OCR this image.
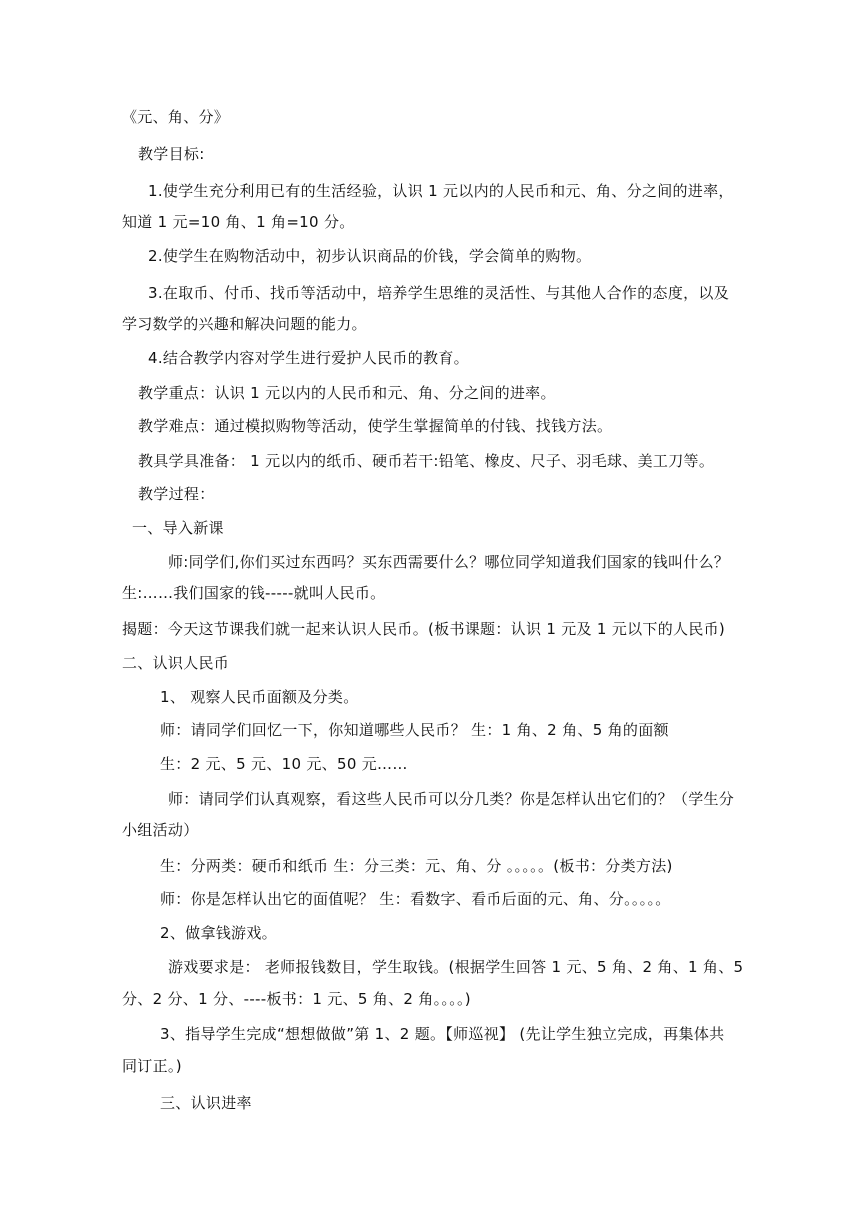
《元、角、分》
教学目标:
1.使学生充分利用已有的生活经验，认识 1 元以内的人民币和元、角、分之间的进率，
知道 1 元=10 角、1 角=10 分。
2.使学生在购物活动中，初步认识商品的价钱，学会简单的购物。
3.在取币、付币、找币等活动中，培养学生思维的灵活性、与其他人合作的态度，以及
学习数学的兴趣和解决问题的能力。
4.结合教学内容对学生进行爱护人民币的教育。
教学重点：认识 1 元以内的人民币和元、角、分之间的进率。
教学难点：通过模拟购物等活动，使学生掌握简单的付钱、找钱方法。
教具学具准备： 1 元以内的纸币、硬币若干:铅笔、橡皮、尺子、羽毛球、美工刀等。
教学过程：
一、导入新课
师:同学们,你们买过东西吗？买东西需要什么？哪位同学知道我们国家的钱叫什么？
生:……我们国家的钱-----就叫人民币。
揭题：今天这节课我们就一起来认识人民币。(板书课题：认识 1 元及 1 元以下的人民币)
二、认识人民币
1、 观察人民币面额及分类。
师：请同学们回忆一下，你知道哪些人民币？ 生：1 角、2 角、5 角的面额
生：2 元、5 元、10 元、50 元……
师：请同学们认真观察，看这些人民币可以分几类？你是怎样认出它们的？（学生分
小组活动）
生：分两类：硬币和纸币 生：分三类：元、角、分 。。。。。(板书：分类方法)
师：你是怎样认出它的面值呢？ 生：看数字、看币后面的元、角、分。。。。。
2、做拿钱游戏。
游戏要求是： 老师报钱数目，学生取钱。(根据学生回答 1 元、5 角、2 角、1 角、5
分、2 分、1 分、----板书：1 元、5 角、2 角。。。。)
3、指导学生完成“想想做做”第 1、2 题。【师巡视】 (先让学生独立完成，再集体共
同订正。)
三、认识进率
